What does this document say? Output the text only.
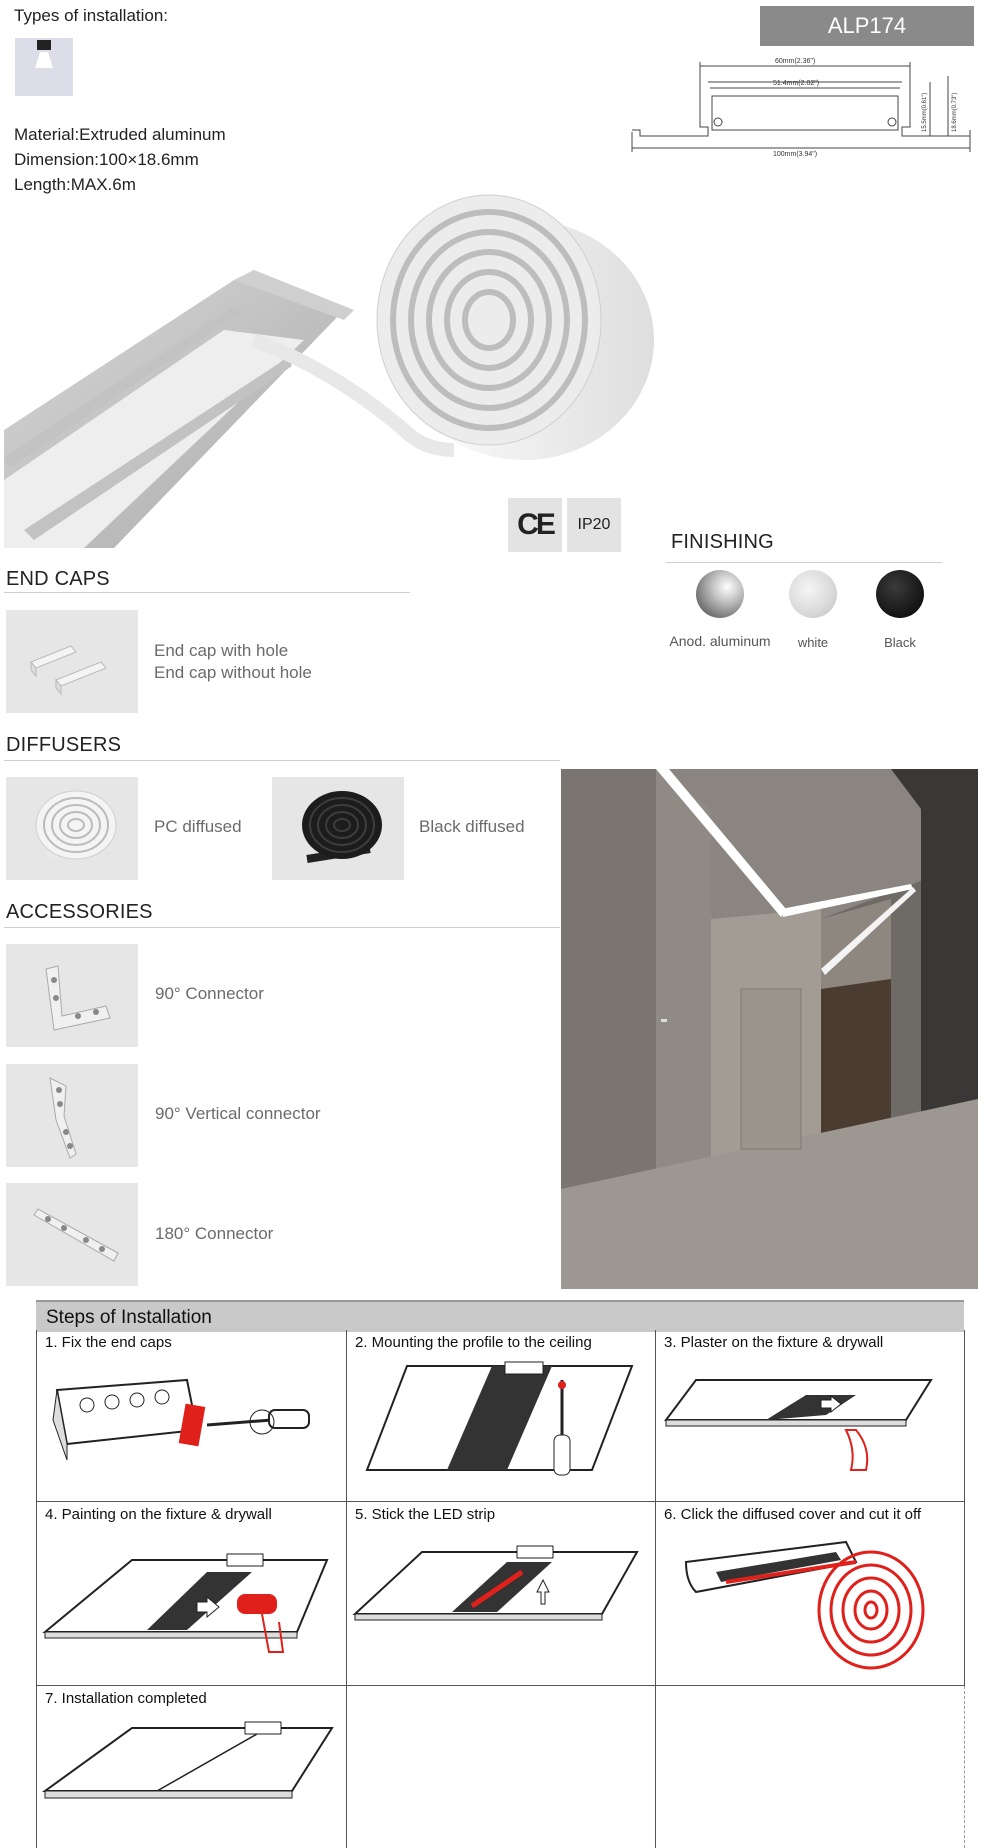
Types of installation:	ALP174
60mm(2.36")
51.4mm(2.02")
100mm(3.94")
15.5mm(0.61")	18.6mm(0.73")
Material:Extruded aluminum
Dimension:100×18.6mm
Length:MAX.6m
CE	IP20
FINISHING
Anod. aluminum	white	Black
END CAPS
End cap with hole
End cap without hole
DIFFUSERS
PC diffused	Black diffused
ACCESSORIES
90° Connector
90° Vertical connector
180° Connector
Steps of Installation
1. Fix the end caps	2. Mounting the profile to the ceiling	3. Plaster on the fixture & drywall
4. Painting on the fixture & drywall	5. Stick the LED strip	6. Click the diffused cover and cut it off
7. Installation completed
